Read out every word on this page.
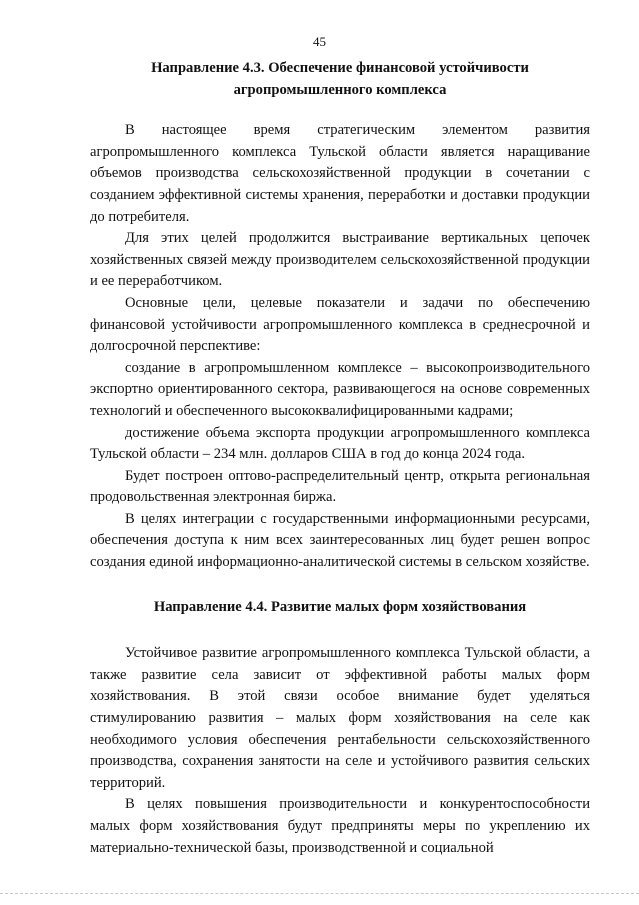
45
Направление 4.3. Обеспечение финансовой устойчивости
агропромышленного комплекса

В настоящее время стратегическим элементом развития агропромышленного комплекса Тульской области является наращивание объемов производства сельскохозяйственной продукции в сочетании с созданием эффективной системы хранения, переработки и доставки продукции до потребителя.

Для этих целей продолжится выстраивание вертикальных цепочек хозяйственных связей между производителем сельскохозяйственной продукции и ее переработчиком.

Основные цели, целевые показатели и задачи по обеспечению финансовой устойчивости агропромышленного комплекса в среднесрочной и долгосрочной перспективе:

создание в агропромышленном комплексе – высокопроизводительного экспортно ориентированного сектора, развивающегося на основе современных технологий и обеспеченного высококвалифицированными кадрами;

достижение объема экспорта продукции агропромышленного комплекса Тульской области – 234 млн. долларов США в год до конца 2024 года.

Будет построен оптово-распределительный центр, открыта региональная продовольственная электронная биржа.

В целях интеграции с государственными информационными ресурсами, обеспечения доступа к ним всех заинтересованных лиц будет решен вопрос создания единой информационно-аналитической системы в сельском хозяйстве.

Направление 4.4. Развитие малых форм хозяйствования

Устойчивое развитие агропромышленного комплекса Тульской области, а также развитие села зависит от эффективной работы малых форм хозяйствования. В этой связи особое внимание будет уделяться стимулированию развития – малых форм хозяйствования на селе как необходимого условия обеспечения рентабельности сельскохозяйственного производства, сохранения занятости на селе и устойчивого развития сельских территорий.

В целях повышения производительности и конкурентоспособности малых форм хозяйствования будут предприняты меры по укреплению их материально-технической базы, производственной и социальной
